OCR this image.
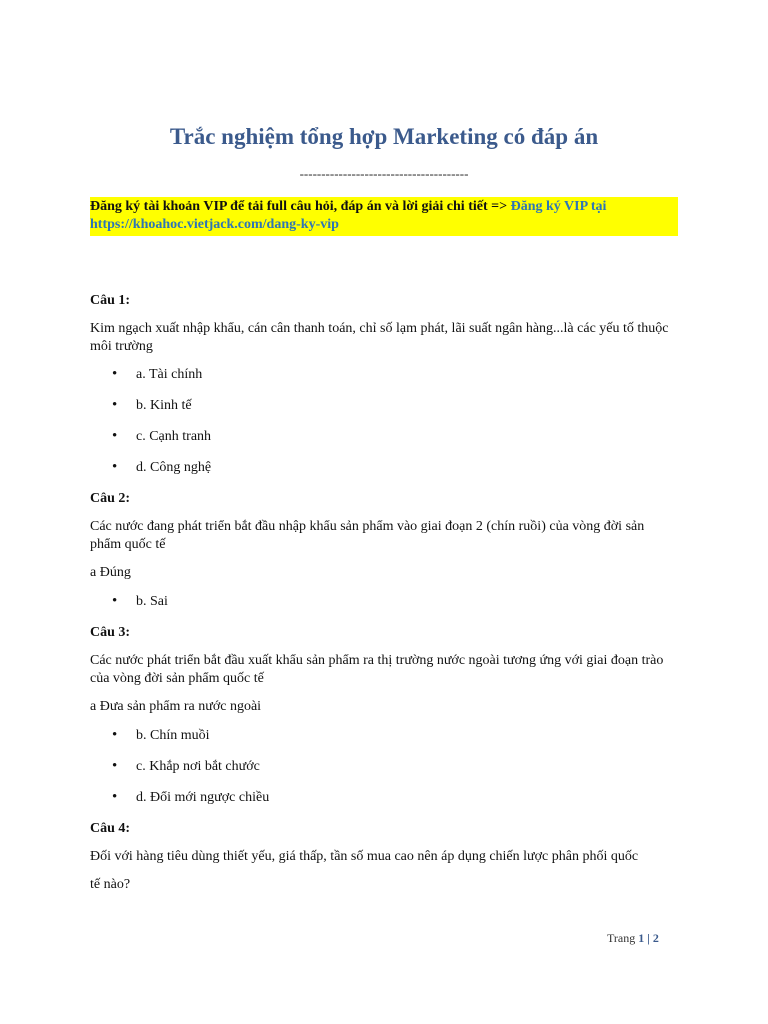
Trắc nghiệm tổng hợp Marketing có đáp án
---------------------------------------
Đăng ký tài khoản VIP để tải full câu hỏi, đáp án và lời giải chi tiết => Đăng ký VIP tại https://khoahoc.vietjack.com/dang-ky-vip

Câu 1:

Kim ngạch xuất nhập khẩu, cán cân thanh toán, chỉ số lạm phát, lãi suất ngân hàng...là các yếu tố thuộc môi trường

• a. Tài chính
• b. Kinh tế
• c. Cạnh tranh
• d. Công nghệ

Câu 2:

Các nước đang phát triển bắt đầu nhập khẩu sản phẩm vào giai đoạn 2 (chín ruồi) của vòng đời sản phẩm quốc tế

a Đúng

• b. Sai

Câu 3:

Các nước phát triển bắt đầu xuất khẩu sản phẩm ra thị trường nước ngoài tương ứng với giai đoạn trào của vòng đời sản phẩm quốc tế

a Đưa sản phẩm ra nước ngoài

• b. Chín muồi
• c. Khắp nơi bắt chước
• d. Đổi mới ngược chiều

Câu 4:

Đối với hàng tiêu dùng thiết yếu, giá thấp, tần số mua cao nên áp dụng chiến lược phân phối quốc

tế nào?

Trang 1 | 2
